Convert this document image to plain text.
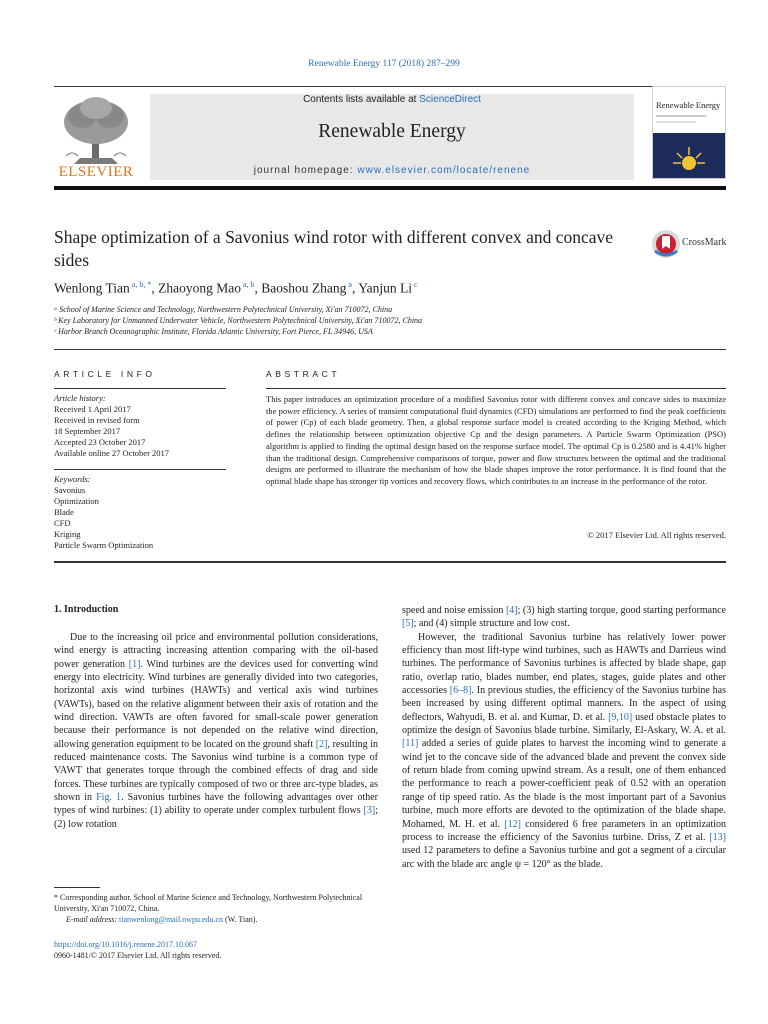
Renewable Energy 117 (2018) 287–299
ELSEVIER
Contents lists available at ScienceDirect
Renewable Energy
journal homepage: www.elsevier.com/locate/renene
Renewable Energy
Shape optimization of a Savonius wind rotor with different convex and concave sides
CrossMark
Wenlong Tian $^{a, b, *}$, Zhaoyong Mao $^{a, b}$, Baoshou Zhang $^a$, Yanjun Li $^c$
ᵃ School of Marine Science and Technology, Northwestern Polytechnical University, Xi'an 710072, China
ᵇ Key Laboratory for Unmanned Underwater Vehicle, Northwestern Polytechnical University, Xi'an 710072, China
ᶜ Harbor Branch Oceanographic Institute, Florida Atlantic University, Fort Pierce, FL 34946, USA
ARTICLE INFO
Article history:
Received 1 April 2017
Received in revised form
18 September 2017
Accepted 23 October 2017
Available online 27 October 2017
Keywords:
Savonius
Optimization
Blade
CFD
Kriging
Particle Swarm Optimization
ABSTRACT
This paper introduces an optimization procedure of a modified Savonius rotor with different convex and concave sides to maximize the power efficiency. A series of transient computational fluid dynamics (CFD) simulations are performed to find the peak coefficients of power (Cp) of each blade geometry. Then, a global response surface model is created according to the Kriging Method, which defines the relationship between optimization objective Cp and the design parameters. A Particle Swarm Optimization (PSO) algorithm is applied to finding the optimal design based on the response surface model. The optimal Cp is 0.2580 and is 4.41% higher than the traditional design. Comprehensive comparisons of torque, power and flow structures between the optimal and the traditional designs are performed to illustrate the mechanism of how the blade shapes improve the rotor performance. It is find found that the optimal blade shape has stronger tip vortices and recovery flows, which contributes to an increase in the performance of the rotor.
© 2017 Elsevier Ltd. All rights reserved.
1. Introduction
Due to the increasing oil price and environmental pollution considerations, wind energy is attracting increasing attention comparing with the oil-based power generation [1]. Wind turbines are the devices used for converting wind energy into electricity. Wind turbines are generally divided into two categories, horizontal axis wind turbines (HAWTs) and vertical axis wind turbines (VAWTs), based on the relative alignment between their axis of rotation and the wind direction. VAWTs are often favored for small-scale power generation because their performance is not depended on the relative wind direction, allowing generation equipment to be located on the ground shaft [2], resulting in reduced maintenance costs. The Savonius wind turbine is a common type of VAWT that generates torque through the combined effects of drag and side forces. These turbines are typically composed of two or three arc-type blades, as shown in Fig. 1. Savonius turbines have the following advantages over other types of wind turbines: (1) ability to operate under complex turbulent flows [3]; (2) low rotation

speed and noise emission [4]; (3) high starting torque, good starting performance [5]; and (4) simple structure and low cost.

However, the traditional Savonius turbine has relatively lower power efficiency than most lift-type wind turbines, such as HAWTs and Darrieus wind turbines. The performance of Savonius turbines is affected by blade shape, gap ratio, overlap ratio, blades number, end plates, stages, guide plates and other accessories [6–8]. In previous studies, the efficiency of the Savonius turbine has been increased by using different optimal manners. In the aspect of using deflectors, Wahyudi, B. et al. and Kumar, D. et al. [9,10] used obstacle plates to optimize the design of Savonius blade turbine. Similarly, El-Askary, W. A. et al. [11] added a series of guide plates to harvest the incoming wind to generate a wind jet to the concave side of the advanced blade and prevent the convex side of return blade from coming upwind stream. As a result, one of them enhanced the performance to reach a power-coefficient peak of 0.52 with an operation range of tip speed ratio. As the blade is the most important part of a Savonius turbine, much more efforts are devoted to the optimization of the blade shape. Mohamed, M. H. et al. [12] considered 6 free parameters in an optimization process to increase the efficiency of the Savonius turbine. Driss, Z et al. [13] used 12 parameters to define a Savonius turbine and got a segment of a circular arc with the blade arc angle ψ = 120° as the blade.

* Corresponding author. School of Marine Science and Technology, Northwestern Polytechnical University, Xi'an 710072, China.
E-mail address: tianwenlong@mail.nwpu.edu.cn (W. Tian).
https://doi.org/10.1016/j.renene.2017.10.067
0960-1481/© 2017 Elsevier Ltd. All rights reserved.
